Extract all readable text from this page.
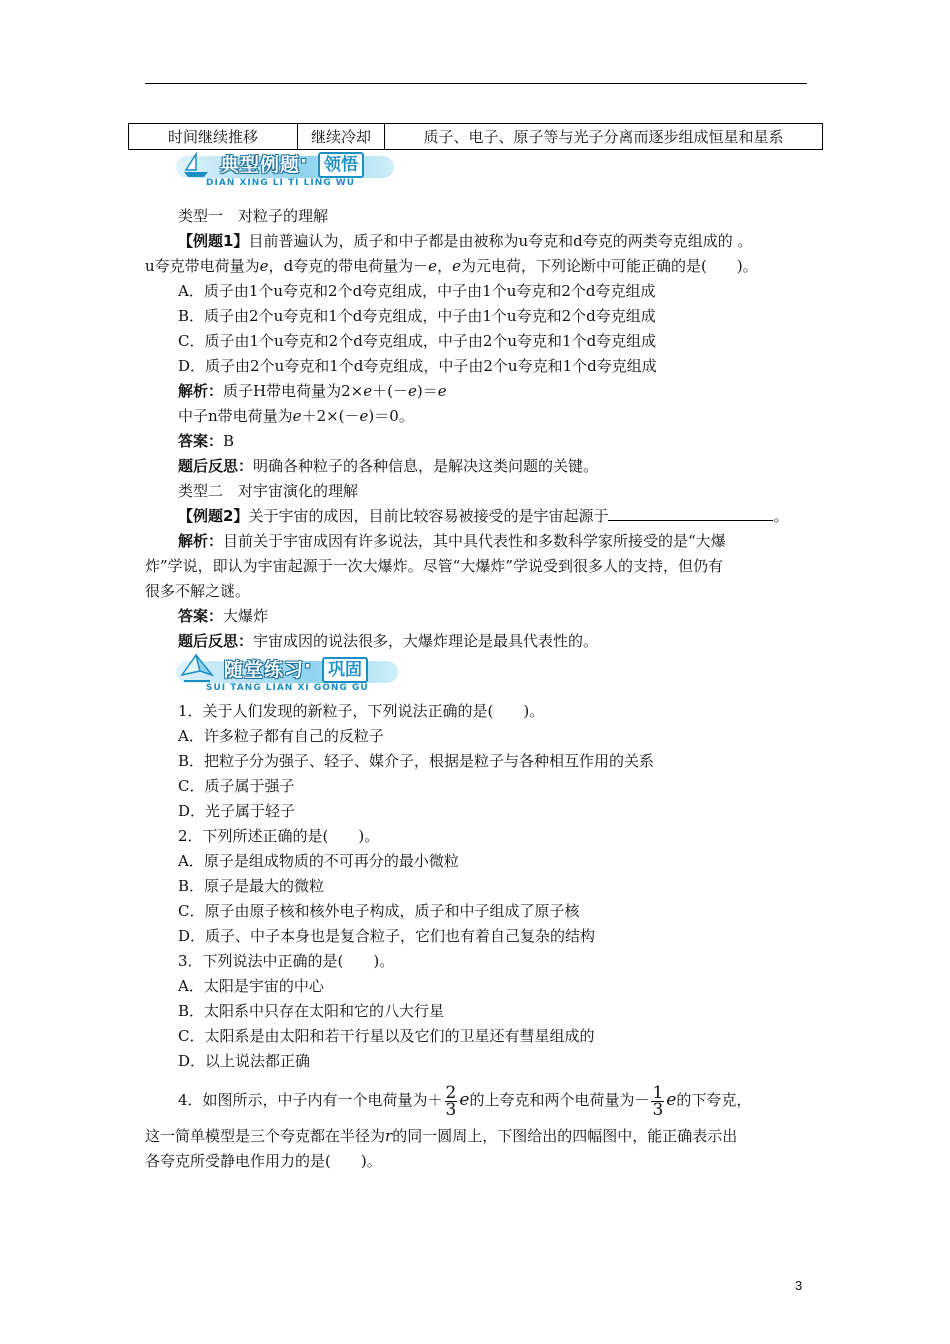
时间继续推移	继续冷却	质子、电子、原子等与光子分离而逐步组成恒星和星系
典型例题 · 领悟
DIAN XING LI TI LING WU
类型一　对粒子的理解
【例题1】目前普遍认为，质子和中子都是由被称为u夸克和d夸克的两类夸克组成的 。
u夸克带电荷量为e，d夸克的带电荷量为－e，e为元电荷，下列论断中可能正确的是(　　)。
A．质子由1个u夸克和2个d夸克组成，中子由1个u夸克和2个d夸克组成
B．质子由2个u夸克和1个d夸克组成，中子由1个u夸克和2个d夸克组成
C．质子由1个u夸克和2个d夸克组成，中子由2个u夸克和1个d夸克组成
D．质子由2个u夸克和1个d夸克组成，中子由2个u夸克和1个d夸克组成
解析：质子H带电荷量为2×e＋(－e)＝e
中子n带电荷量为e＋2×(－e)＝0。
答案：B
题后反思：明确各种粒子的各种信息，是解决这类问题的关键。
类型二　对宇宙演化的理解
【例题2】关于宇宙的成因，目前比较容易被接受的是宇宙起源于	。
解析：目前关于宇宙成因有许多说法，其中具代表性和多数科学家所接受的是“大爆
炸”学说，即认为宇宙起源于一次大爆炸。尽管“大爆炸”学说受到很多人的支持，但仍有
很多不解之谜。
答案：大爆炸
题后反思：宇宙成因的说法很多，大爆炸理论是最具代表性的。
随堂练习 · 巩固
SUI TANG LIAN XI GONG GU
1．关于人们发现的新粒子，下列说法正确的是(　　)。
A．许多粒子都有自己的反粒子
B．把粒子分为强子、轻子、媒介子，根据是粒子与各种相互作用的关系
C．质子属于强子
D．光子属于轻子
2．下列所述正确的是(　　)。
A．原子是组成物质的不可再分的最小微粒
B．原子是最大的微粒
C．原子由原子核和核外电子构成，质子和中子组成了原子核
D．质子、中子本身也是复合粒子，它们也有着自己复杂的结构
3．下列说法中正确的是(　　)。
A．太阳是宇宙的中心
B．太阳系中只存在太阳和它的八大行星
C．太阳系是由太阳和若干行星以及它们的卫星还有彗星组成的
D．以上说法都正确
4．如图所示，中子内有一个电荷量为＋ $\frac{2}{3}$ e的上夸克和两个电荷量为－ $\frac{1}{3}$ e的下夸克，
这一简单模型是三个夸克都在半径为r的同一圆周上，下图给出的四幅图中，能正确表示出
各夸克所受静电作用力的是(　　)。
3
